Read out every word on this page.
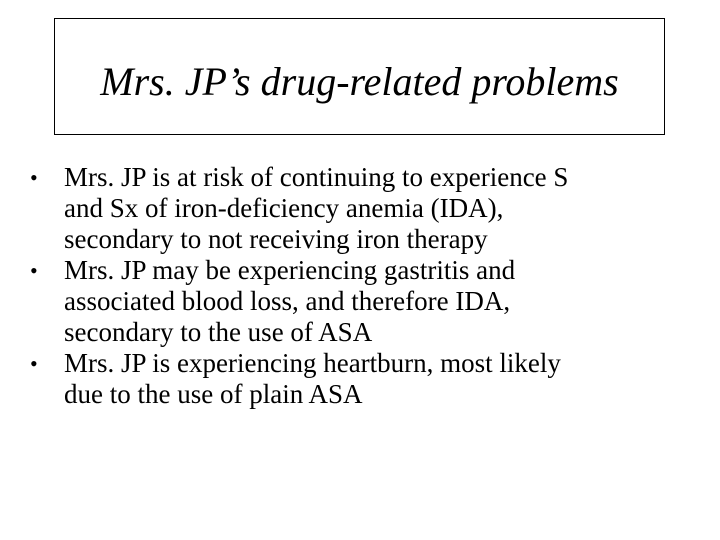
Mrs. JP’s drug-related problems
• Mrs. JP is at risk of continuing to experience S
and Sx of iron-deficiency anemia (IDA),
secondary to not receiving iron therapy
• Mrs. JP may be experiencing gastritis and
associated blood loss, and therefore IDA,
secondary to the use of ASA
• Mrs. JP is experiencing heartburn, most likely
due to the use of plain ASA
